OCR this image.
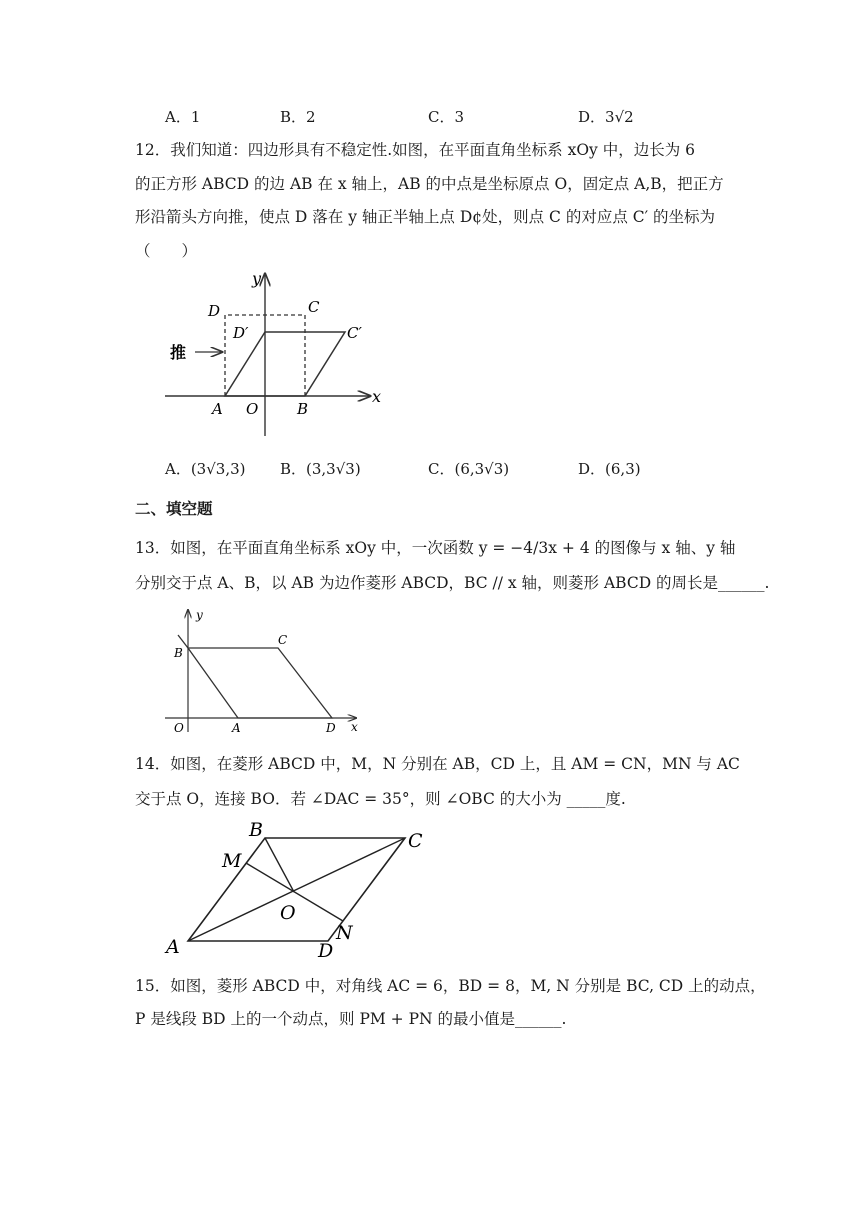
A．1	B．2	C．3	D．3√2
12．我们知道：四边形具有不稳定性.如图，在平面直角坐标系 xOy 中，边长为 6
的正方形 ABCD 的边 AB 在 x 轴上，AB 的中点是坐标原点 O，固定点 A,B，把正方
形沿箭头方向推，使点 D 落在 y 轴正半轴上点 D¢处，则点 C 的对应点 C′ 的坐标为
（　　）
y
x
D	C
D′	C′
推
A O	B
A．(3√3,3) B．(3,3√3)	C．(6,3√3)	D．(6,3)
二、填空题
13．如图，在平面直角坐标系 xOy 中，一次函数 y = −4/3x + 4 的图像与 x 轴、y 轴
分别交于点 A、B，以 AB 为边作菱形 ABCD，BC // x 轴，则菱形 ABCD 的周长是______.
y
x
B
C
O	A	D
14．如图，在菱形 ABCD 中，M，N 分别在 AB，CD 上，且 AM = CN，MN 与 AC
交于点 O，连接 BO．若 ∠DAC = 35°，则 ∠OBC 的大小为 _____度.
B	C
M
O
N
A	D
15．如图，菱形 ABCD 中，对角线 AC = 6，BD = 8，M, N 分别是 BC, CD 上的动点，
P 是线段 BD 上的一个动点，则 PM + PN 的最小值是______.
